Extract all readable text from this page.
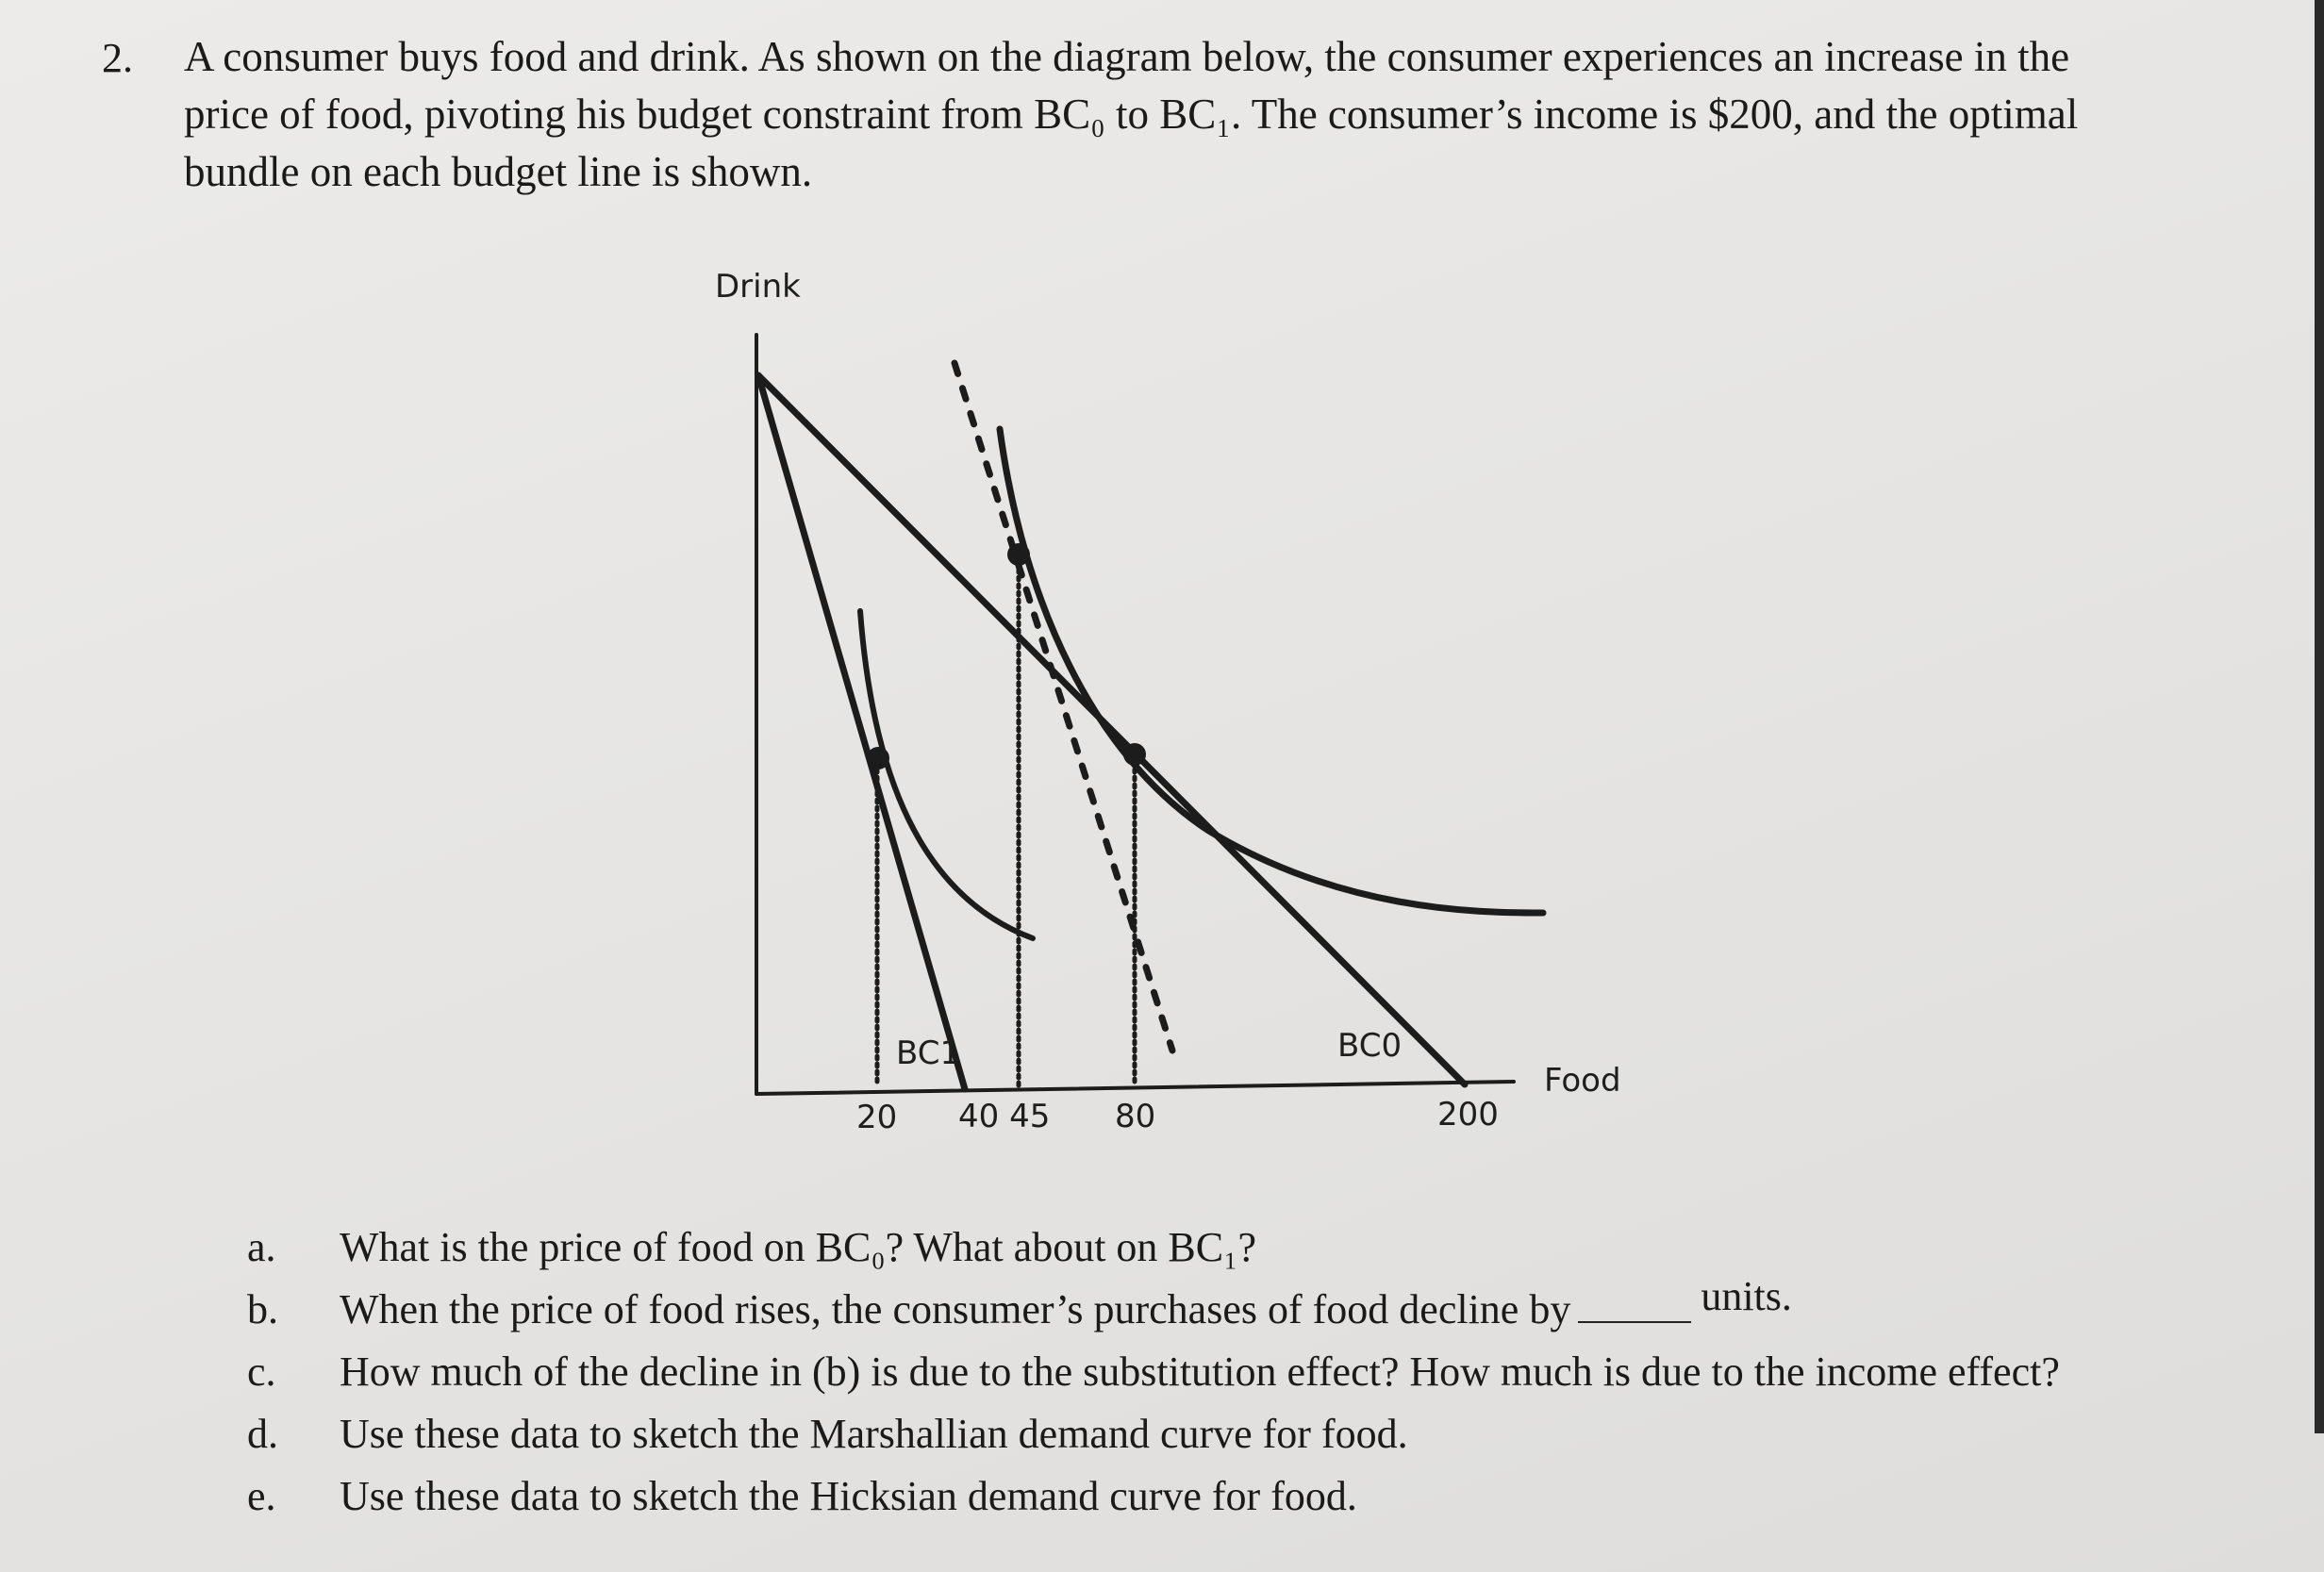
2. A consumer buys food and drink. As shown on the diagram below, the consumer experiences an increase in the

price of food, pivoting his budget constraint from BC₀ to BC₁. The consumer’s income is $200, and the optimal

bundle on each budget line is shown.

Drink
Food
BC1	BC0
20 40 45 80	200
a.	What is the price of food on BC₀? What about on BC₁?
b.	When the price of food rises, the consumer’s purchases of food decline by	units.
c.	How much of the decline in (b) is due to the substitution effect? How much is due to the income effect?
d.	Use these data to sketch the Marshallian demand curve for food.
e.	Use these data to sketch the Hicksian demand curve for food.
